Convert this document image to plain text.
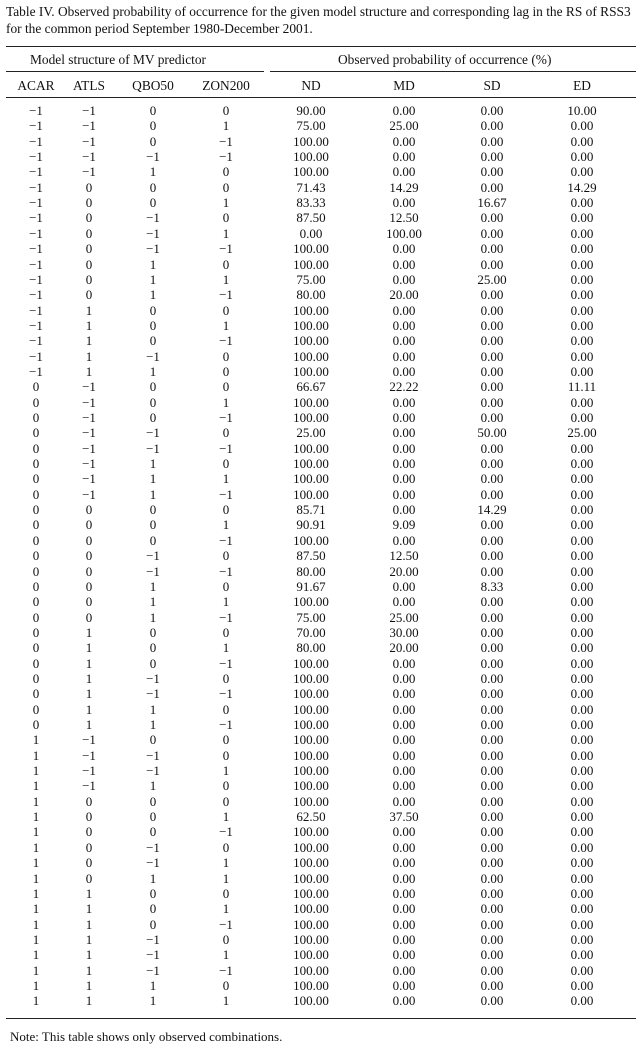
Table IV. Observed probability of occurrence for the given model structure and corresponding lag in the RS of RSS3 for the common period September 1980-December 2001.
Model structure of MV predictor	Observed probability of occurrence (%)
ACAR	ATLS	QBO50	ZON200	ND	MD	SD	ED
−1	−1	0	0	90.00	0.00	0.00	10.00
−1	−1	0	1	75.00	25.00	0.00	0.00
−1	−1	0	−1	100.00	0.00	0.00	0.00
−1	−1	−1	−1	100.00	0.00	0.00	0.00
−1	−1	1	0	100.00	0.00	0.00	0.00
−1	0	0	0	71.43	14.29	0.00	14.29
−1	0	0	1	83.33	0.00	16.67	0.00
−1	0	−1	0	87.50	12.50	0.00	0.00
−1	0	−1	1	0.00	100.00	0.00	0.00
−1	0	−1	−1	100.00	0.00	0.00	0.00
−1	0	1	0	100.00	0.00	0.00	0.00
−1	0	1	1	75.00	0.00	25.00	0.00
−1	0	1	−1	80.00	20.00	0.00	0.00
−1	1	0	0	100.00	0.00	0.00	0.00
−1	1	0	1	100.00	0.00	0.00	0.00
−1	1	0	−1	100.00	0.00	0.00	0.00
−1	1	−1	0	100.00	0.00	0.00	0.00
−1	1	1	0	100.00	0.00	0.00	0.00
0	−1	0	0	66.67	22.22	0.00	11.11
0	−1	0	1	100.00	0.00	0.00	0.00
0	−1	0	−1	100.00	0.00	0.00	0.00
0	−1	−1	0	25.00	0.00	50.00	25.00
0	−1	−1	−1	100.00	0.00	0.00	0.00
0	−1	1	0	100.00	0.00	0.00	0.00
0	−1	1	1	100.00	0.00	0.00	0.00
0	−1	1	−1	100.00	0.00	0.00	0.00
0	0	0	0	85.71	0.00	14.29	0.00
0	0	0	1	90.91	9.09	0.00	0.00
0	0	0	−1	100.00	0.00	0.00	0.00
0	0	−1	0	87.50	12.50	0.00	0.00
0	0	−1	−1	80.00	20.00	0.00	0.00
0	0	1	0	91.67	0.00	8.33	0.00
0	0	1	1	100.00	0.00	0.00	0.00
0	0	1	−1	75.00	25.00	0.00	0.00
0	1	0	0	70.00	30.00	0.00	0.00
0	1	0	1	80.00	20.00	0.00	0.00
0	1	0	−1	100.00	0.00	0.00	0.00
0	1	−1	0	100.00	0.00	0.00	0.00
0	1	−1	−1	100.00	0.00	0.00	0.00
0	1	1	0	100.00	0.00	0.00	0.00
0	1	1	−1	100.00	0.00	0.00	0.00
1	−1	0	0	100.00	0.00	0.00	0.00
1	−1	−1	0	100.00	0.00	0.00	0.00
1	−1	−1	1	100.00	0.00	0.00	0.00
1	−1	1	0	100.00	0.00	0.00	0.00
1	0	0	0	100.00	0.00	0.00	0.00
1	0	0	1	62.50	37.50	0.00	0.00
1	0	0	−1	100.00	0.00	0.00	0.00
1	0	−1	0	100.00	0.00	0.00	0.00
1	0	−1	1	100.00	0.00	0.00	0.00
1	0	1	1	100.00	0.00	0.00	0.00
1	1	0	0	100.00	0.00	0.00	0.00
1	1	0	1	100.00	0.00	0.00	0.00
1	1	0	−1	100.00	0.00	0.00	0.00
1	1	−1	0	100.00	0.00	0.00	0.00
1	1	−1	1	100.00	0.00	0.00	0.00
1	1	−1	−1	100.00	0.00	0.00	0.00
1	1	1	0	100.00	0.00	0.00	0.00
1	1	1	1	100.00	0.00	0.00	0.00
Note: This table shows only observed combinations.
